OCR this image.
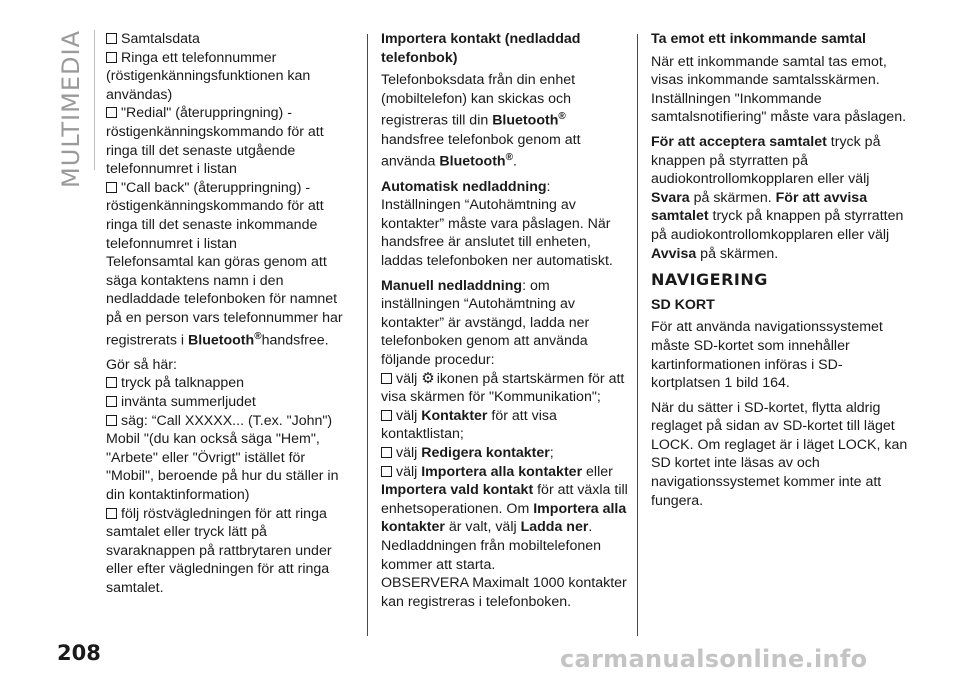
MULTIMEDIA	Samtalsdata
Ringa ett telefonnummer (röstigenkänningsfunktionen kan användas)
"Redial" (återuppringning) - röstigenkänningskommando för att ringa till det senaste utgående telefonnumret i listan

"Call back" (återuppringning) - röstigenkänningskommando för att ringa till det senaste inkommande telefonnumret i listan

Telefonsamtal kan göras genom att säga kontaktens namn i den nedladdade telefonboken för namnet på en person vars telefonnummer har registrerats i Bluetooth®handsfree.

Gör så här:

tryck på talknappen
invänta summerljudet
säg: “Call XXXXX... (T.ex. "John") Mobil "(du kan också säga "Hem", "Arbete" eller "Övrigt" istället för "Mobil", beroende på hur du ställer in din kontaktinformation)
följ röstvägledningen för att ringa samtalet eller tryck lätt på svaraknappen på rattbrytaren under eller efter vägledningen för att ringa samtalet.
Importera kontakt (nedladdad telefonbok)

Telefonboksdata från din enhet (mobiltelefon) kan skickas och registreras till din Bluetooth® handsfree telefonbok genom att använda Bluetooth®.

Automatisk nedladdning: Inställningen “Autohämtning av kontakter” måste vara påslagen. När handsfree är anslutet till enheten, laddas telefonboken ner automatiskt.

Manuell nedladdning: om inställningen “Autohämtning av kontakter” är avstängd, ladda ner telefonboken genom att använda följande procedur:

välj ⚙ ikonen på startskärmen för att visa skärmen för "Kommunikation";
välj Kontakter för att visa kontaktlistan;
välj Redigera kontakter;

välj Importera alla kontakter eller Importera vald kontakt för att växla till enhetsoperationen. Om Importera alla kontakter är valt, välj Ladda ner. Nedladdningen från mobiltelefonen kommer att starta.

OBSERVERA Maximalt 1000 kontakter kan registreras i telefonboken.

Ta emot ett inkommande samtal

När ett inkommande samtal tas emot, visas inkommande samtalsskärmen. Inställningen "Inkommande samtalsnotifiering" måste vara påslagen.

För att acceptera samtalet tryck på knappen på styrratten på audiokontrollomkopplaren eller välj Svara på skärmen. För att avvisa samtalet tryck på knappen på styrratten på audiokontrollomkopplaren eller välj Avvisa på skärmen.

NAVIGERING
SD KORT

För att använda navigationssystemet måste SD-kortet som innehåller kartinformationen införas i SD-kortplatsen 1 bild 164.

När du sätter i SD-kortet, flytta aldrig reglaget på sidan av SD-kortet till läget LOCK. Om reglaget är i läget LOCK, kan SD kortet inte läsas av och navigationssystemet kommer inte att fungera.

208	carmanualsonline.info
